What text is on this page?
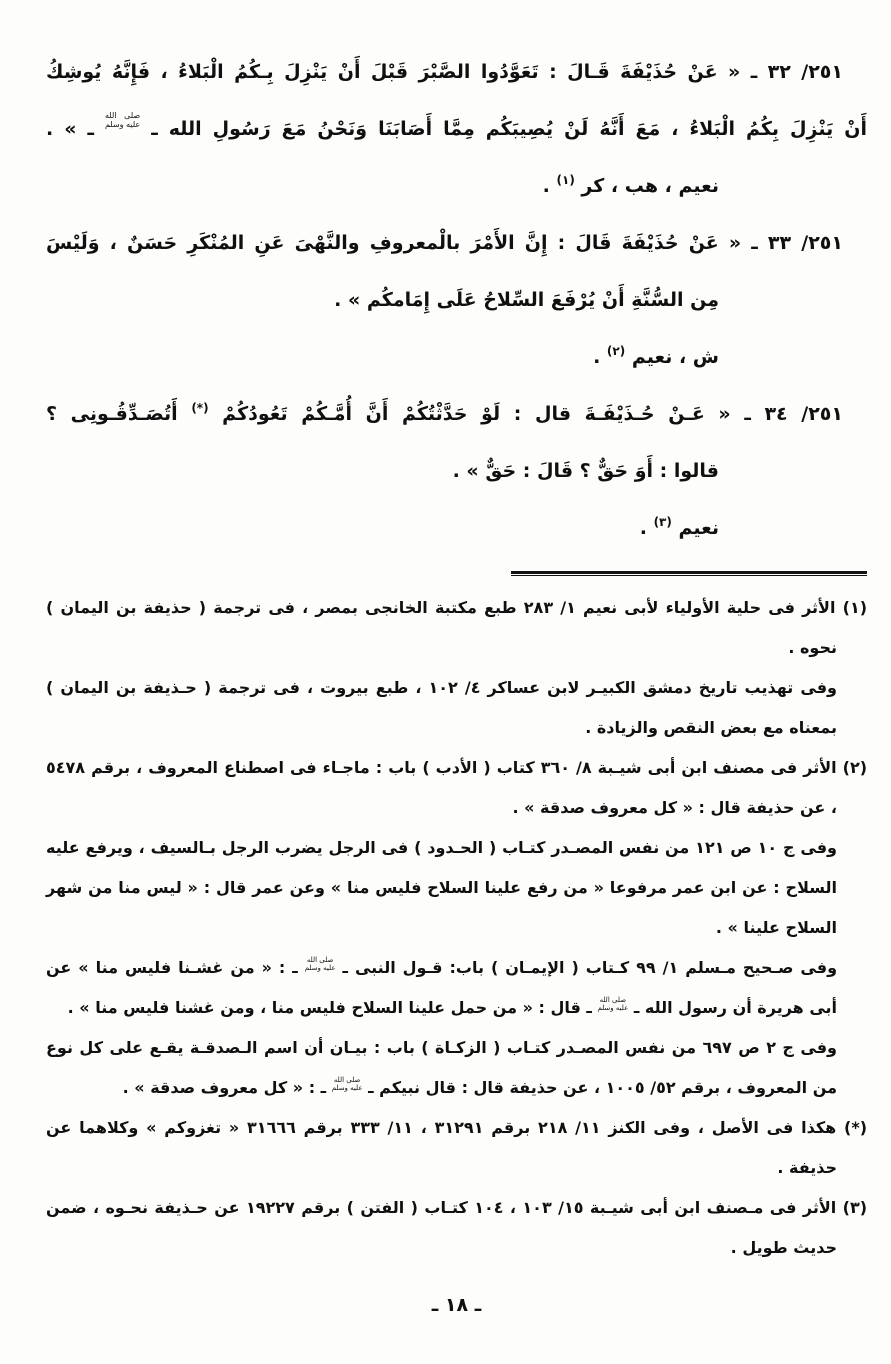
٢٥١/ ٣٢ ـ « عَنْ حُذَيْفَةَ قَـالَ : تَعَوَّدُوا الصَّبْرَ قَبْلَ أَنْ يَنْزِلَ بِـكُمُ الْبَلاءُ ، فَإِنَّهُ يُوشِكُ
أَنْ يَنْزِلَ بِكُمُ الْبَلاءُ ، مَعَ أَنَّهُ لَنْ يُصِيبَكُم مِمَّا أَصَابَنَا وَنَحْنُ مَعَ رَسُولِ الله ـ
صلى الله
عليه وسلم
ـ » .
نعيم ، هب ، كر $^{(١)}$ .
٢٥١/ ٣٣ ـ « عَنْ حُذَيْفَةَ قَالَ : إِنَّ الأَمْرَ بالْمعروفِ والنَّهْىَ عَنِ المُنْكَرِ حَسَنٌ ، وَلَيْسَ
مِن السُّنَّةِ أَنْ يُرْفَعَ السِّلاحُ عَلَى إِمَامكُم » .
ش ، نعيم $^{(٢)}$ .
٢٥١/ ٣٤ ـ « عَـنْ حُـذَيْفَـةَ قال : لَوْ حَدَّثْتُكُمْ أَنَّ أُمَّـكُمْ تَعُودُكُمْ (*) أَتُصَـدِّقُـونِى ؟
قالوا : أَوَ حَقٌّ ؟ قَالَ : حَقٌّ » .
نعيم $^{(٣)}$ .

(١) الأثر فى حلية الأولياء لأبى نعيم ١/ ٢٨٣ طبع مكتبة الخانجى بمصر ، فى ترجمة ( حذيفة بن اليمان ) نحوه .

وفى تهذيب تاريخ دمشق الكبيـر لابن عساكر ٤/ ١٠٢ ، طبع بيروت ، فى ترجمة ( حـذيفة بن اليمان ) بمعناه مع بعض النقص والزيادة .

(٢) الأثر فى مصنف ابن أبى شيـبة ٨/ ٣٦٠ كتاب ( الأدب ) باب : ماجـاء فى اصطناع المعروف ، برقم ٥٤٧٨ ، عن حذيفة قال : « كل معروف صدقة » .

وفى ج ١٠ ص ١٢١ من نفس المصـدر كتـاب ( الحـدود ) فى الرجل يضرب الرجل بـالسيف ، ويرفع عليه السلاح : عن ابن عمر مرفوعا « من رفع علينا السلاح فليس منا » وعن عمر قال : « ليس منا من شهر السلاح علينا » .

وفى صـحيح مـسلم ١/ ٩٩ كـتاب ( الإيمـان ) باب: قـول النبى ـ
صلى الله
عليه وسلم
ـ : « من غشـنا فليس منا » عن أبى هريرة أن رسول الله ـ
صلى الله
عليه وسلم
ـ قال : « من حمل علينا السلاح فليس منا ، ومن غشنا فليس منا » .

وفى ج ٢ ص ٦٩٧ من نفس المصـدر كتـاب ( الزكـاة ) باب : بيـان أن اسم الـصدقـة يقـع على كل نوع من المعروف ، برقم ٥٢/ ١٠٠٥ ، عن حذيفة قال : قال نبيكم ـ
صلى الله
عليه وسلم
ـ : « كل معروف صدقة » .

(*) هكذا فى الأصل ، وفى الكنز ١١/ ٢١٨ برقم ٣١٢٩١ ، ١١/ ٣٣٣ برقم ٣١٦٦٦ « تغزوكم » وكلاهما عن حذيفة .

(٣) الأثر فى مـصنف ابن أبى شيـبة ١٥/ ١٠٣ ، ١٠٤ كتـاب ( الفتن ) برقم ١٩٢٢٧ عن حـذيفة نحـوه ، ضمن حديث طويل .

ـ ١٨ ـ
